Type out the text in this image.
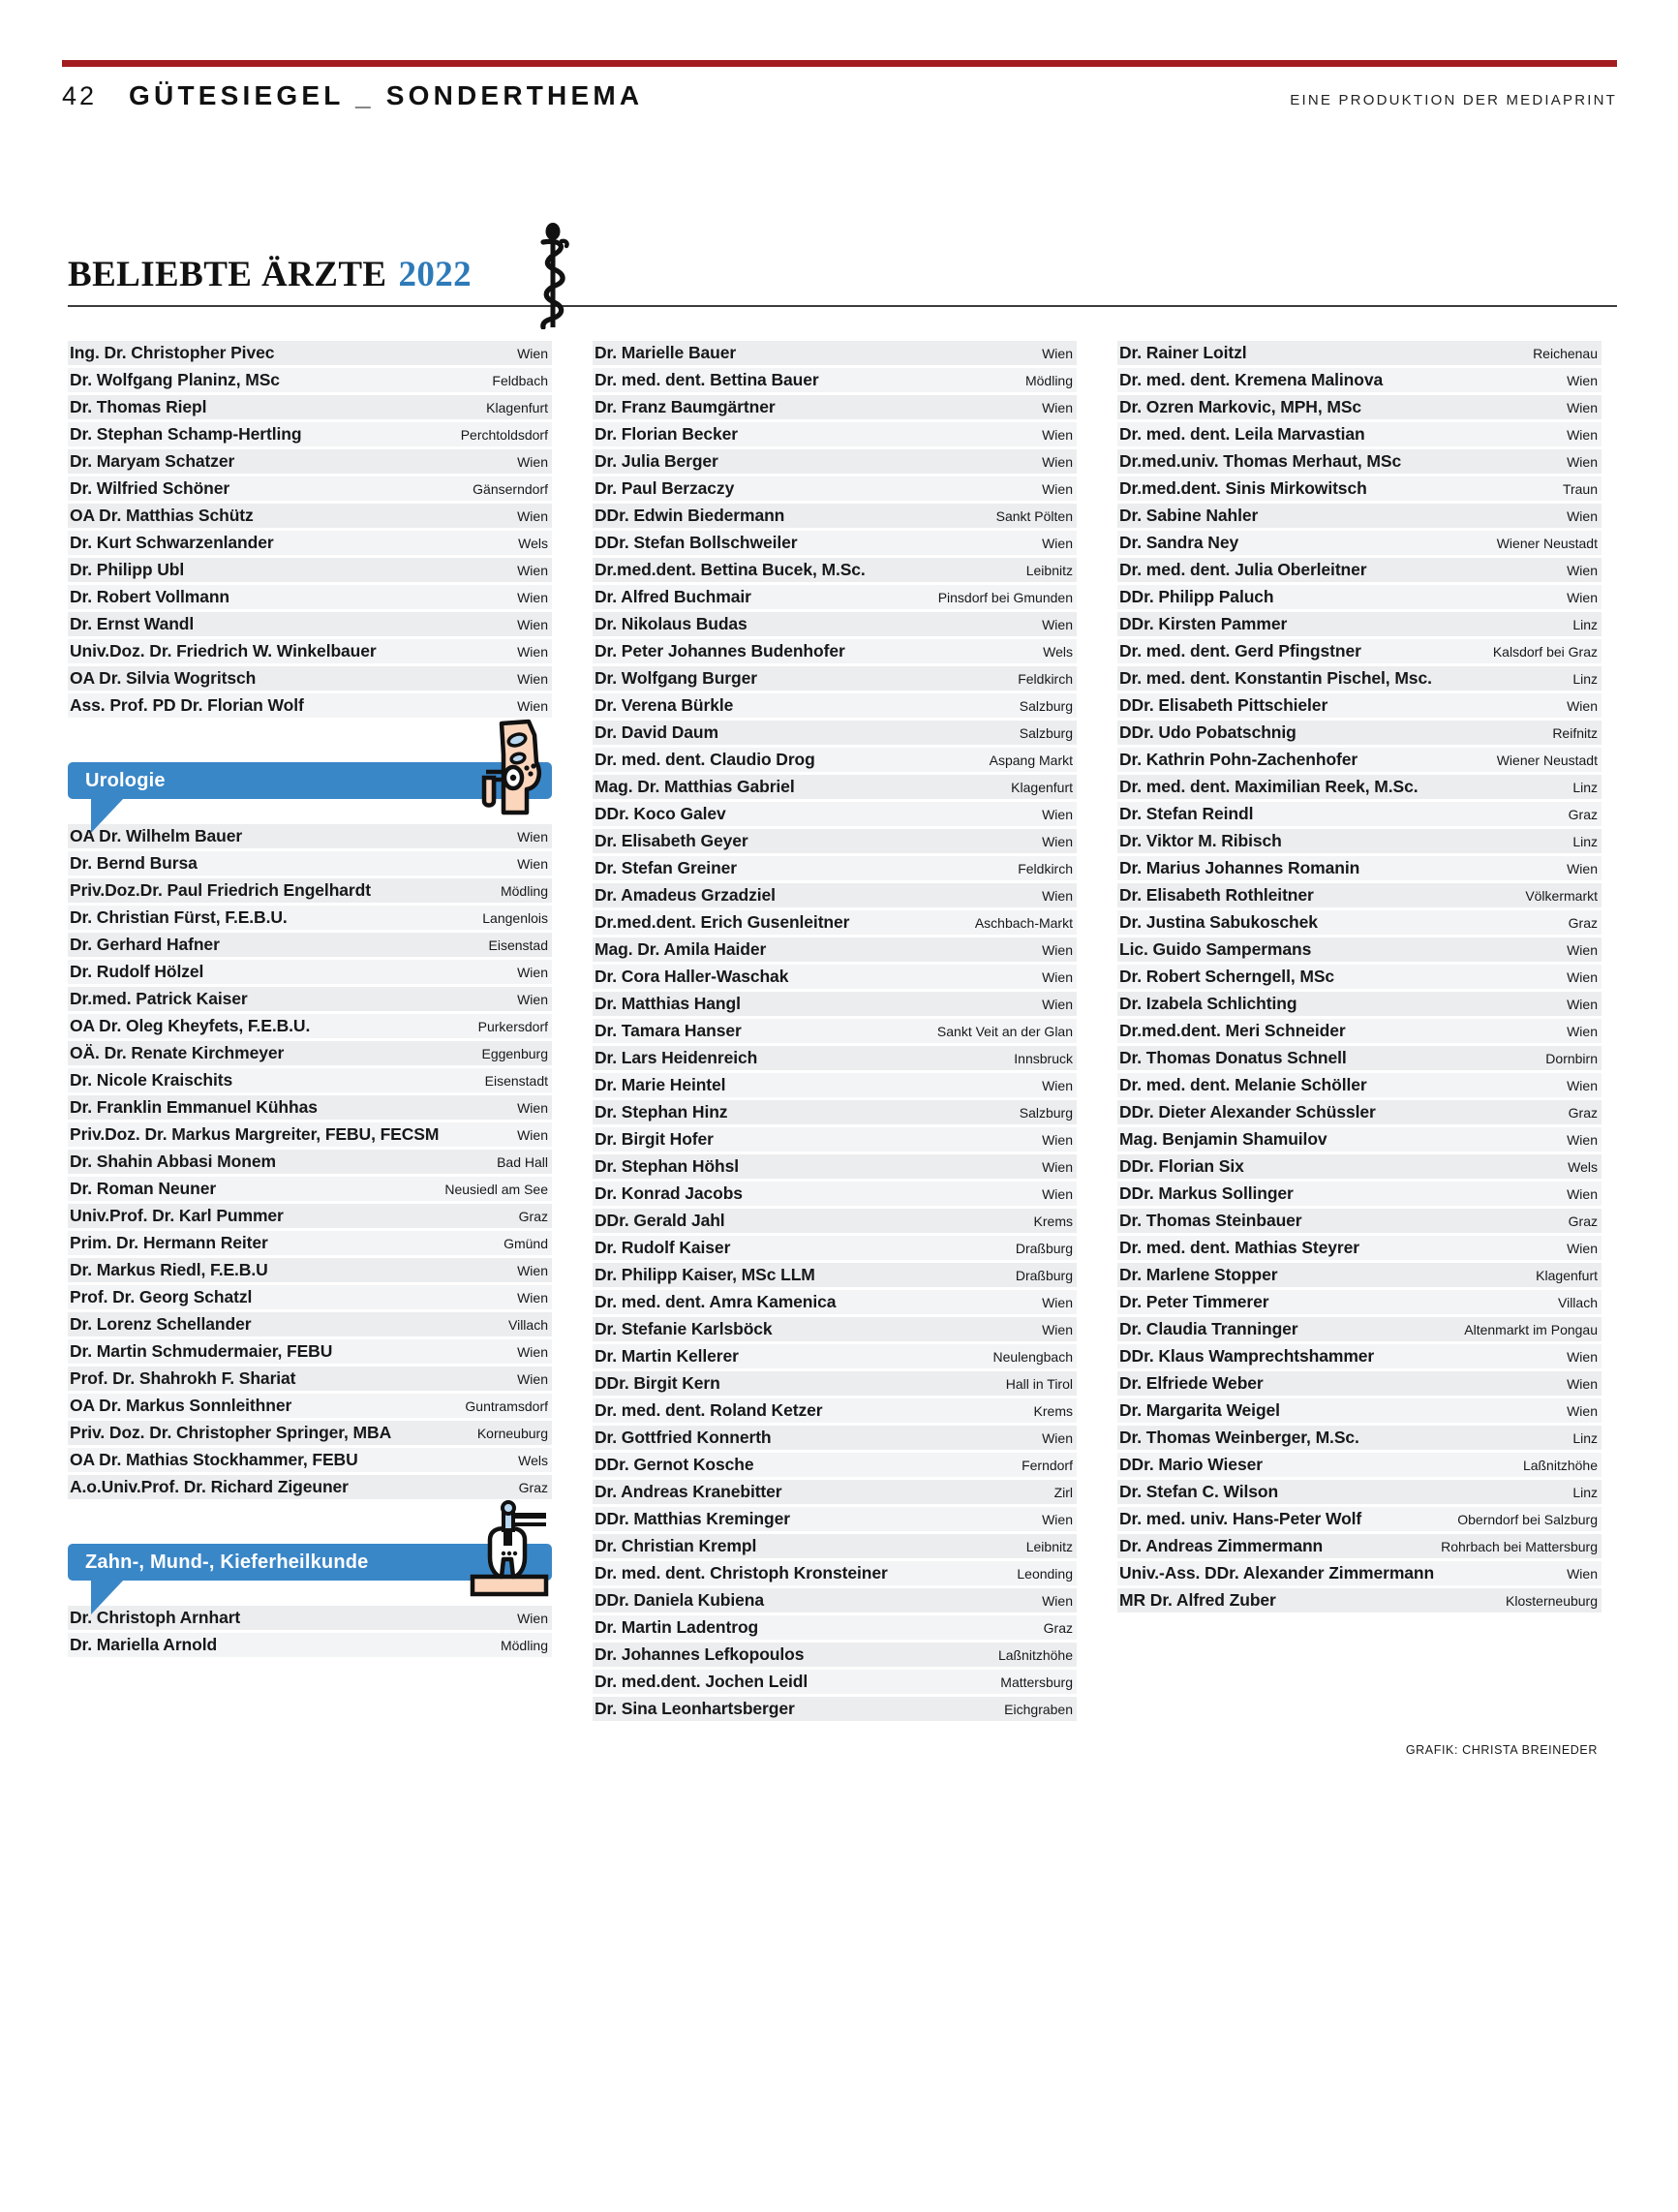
42 GÜTESIEGEL _ SONDERTHEMA	EINE PRODUKTION DER MEDIAPRINT
BELIEBTE ÄRZTE 2022
Ing. Dr. Christopher Pivec	Wien
Dr. Wolfgang Planinz, MSc	Feldbach
Dr. Thomas Riepl	Klagenfurt
Dr. Stephan Schamp-Hertling	Perchtoldsdorf
Dr. Maryam Schatzer	Wien
Dr. Wilfried Schöner	Gänserndorf
OA Dr. Matthias Schütz	Wien
Dr. Kurt Schwarzenlander	Wels
Dr. Philipp Ubl	Wien
Dr. Robert Vollmann	Wien
Dr. Ernst Wandl	Wien
Univ.Doz. Dr. Friedrich W. Winkelbauer	Wien
OA Dr. Silvia Wogritsch	Wien
Ass. Prof. PD Dr. Florian Wolf	Wien
Urologie
OA Dr. Wilhelm Bauer	Wien
Dr. Bernd Bursa	Wien
Priv.Doz.Dr. Paul Friedrich Engelhardt	Mödling
Dr. Christian Fürst, F.E.B.U.	Langenlois
Dr. Gerhard Hafner	Eisenstad
Dr. Rudolf Hölzel	Wien
Dr.med. Patrick Kaiser	Wien
OA Dr. Oleg Kheyfets, F.E.B.U.	Purkersdorf
OÄ. Dr. Renate Kirchmeyer	Eggenburg
Dr. Nicole Kraischits	Eisenstadt
Dr. Franklin Emmanuel Kühhas	Wien
Priv.Doz. Dr. Markus Margreiter, FEBU, FECSM	Wien
Dr. Shahin Abbasi Monem	Bad Hall
Dr. Roman Neuner	Neusiedl am See
Univ.Prof. Dr. Karl Pummer	Graz
Prim. Dr. Hermann Reiter	Gmünd
Dr. Markus Riedl, F.E.B.U	Wien
Prof. Dr. Georg Schatzl	Wien
Dr. Lorenz Schellander	Villach
Dr. Martin Schmudermaier, FEBU	Wien
Prof. Dr. Shahrokh F. Shariat	Wien
OA Dr. Markus Sonnleithner	Guntramsdorf
Priv. Doz. Dr. Christopher Springer, MBA	Korneuburg
OA Dr. Mathias Stockhammer, FEBU	Wels
A.o.Univ.Prof. Dr. Richard Zigeuner	Graz
Zahn-, Mund-, Kieferheilkunde
Dr. Christoph Arnhart	Wien
Dr. Mariella Arnold	Mödling
Dr. Marielle Bauer	Wien
Dr. med. dent. Bettina Bauer	Mödling
Dr. Franz Baumgärtner	Wien
Dr. Florian Becker	Wien
Dr. Julia Berger	Wien
Dr. Paul Berzaczy	Wien
DDr. Edwin Biedermann	Sankt Pölten
DDr. Stefan Bollschweiler	Wien
Dr.med.dent. Bettina Bucek, M.Sc.	Leibnitz
Dr. Alfred Buchmair	Pinsdorf bei Gmunden
Dr. Nikolaus Budas	Wien
Dr. Peter Johannes Budenhofer	Wels
Dr. Wolfgang Burger	Feldkirch
Dr. Verena Bürkle	Salzburg
Dr. David Daum	Salzburg
Dr. med. dent. Claudio Drog	Aspang Markt
Mag. Dr. Matthias Gabriel	Klagenfurt
DDr. Koco Galev	Wien
Dr. Elisabeth Geyer	Wien
Dr. Stefan Greiner	Feldkirch
Dr. Amadeus Grzadziel	Wien
Dr.med.dent. Erich Gusenleitner	Aschbach-Markt
Mag. Dr. Amila Haider	Wien
Dr. Cora Haller-Waschak	Wien
Dr. Matthias Hangl	Wien
Dr. Tamara Hanser	Sankt Veit an der Glan
Dr. Lars Heidenreich	Innsbruck
Dr. Marie Heintel	Wien
Dr. Stephan Hinz	Salzburg
Dr. Birgit Hofer	Wien
Dr. Stephan Höhsl	Wien
Dr. Konrad Jacobs	Wien
DDr. Gerald Jahl	Krems
Dr. Rudolf Kaiser	Draßburg
Dr. Philipp Kaiser, MSc LLM	Draßburg
Dr. med. dent. Amra Kamenica	Wien
Dr. Stefanie Karlsböck	Wien
Dr. Martin Kellerer	Neulengbach
DDr. Birgit Kern	Hall in Tirol
Dr. med. dent. Roland Ketzer	Krems
Dr. Gottfried Konnerth	Wien
DDr. Gernot Kosche	Ferndorf
Dr. Andreas Kranebitter	Zirl
DDr. Matthias Kreminger	Wien
Dr. Christian Krempl	Leibnitz
Dr. med. dent. Christoph Kronsteiner	Leonding
DDr. Daniela Kubiena	Wien
Dr. Martin Ladentrog	Graz
Dr. Johannes Lefkopoulos	Laßnitzhöhe
Dr. med.dent. Jochen Leidl	Mattersburg
Dr. Sina Leonhartsberger	Eichgraben
Dr. Rainer Loitzl	Reichenau
Dr. med. dent. Kremena Malinova	Wien
Dr. Ozren Markovic, MPH, MSc	Wien
Dr. med. dent. Leila Marvastian	Wien
Dr.med.univ. Thomas Merhaut, MSc	Wien
Dr.med.dent. Sinis Mirkowitsch	Traun
Dr. Sabine Nahler	Wien
Dr. Sandra Ney	Wiener Neustadt
Dr. med. dent. Julia Oberleitner	Wien
DDr. Philipp Paluch	Wien
DDr. Kirsten Pammer	Linz
Dr. med. dent. Gerd Pfingstner	Kalsdorf bei Graz
Dr. med. dent. Konstantin Pischel, Msc.	Linz
DDr. Elisabeth Pittschieler	Wien
DDr. Udo Pobatschnig	Reifnitz
Dr. Kathrin Pohn-Zachenhofer	Wiener Neustadt
Dr. med. dent. Maximilian Reek, M.Sc.	Linz
Dr. Stefan Reindl	Graz
Dr. Viktor M. Ribisch	Linz
Dr. Marius Johannes Romanin	Wien
Dr. Elisabeth Rothleitner	Völkermarkt
Dr. Justina Sabukoschek	Graz
Lic. Guido Sampermans	Wien
Dr. Robert Scherngell, MSc	Wien
Dr. Izabela Schlichting	Wien
Dr.med.dent. Meri Schneider	Wien
Dr. Thomas Donatus Schnell	Dornbirn
Dr. med. dent. Melanie Schöller	Wien
DDr. Dieter Alexander Schüssler	Graz
Mag. Benjamin Shamuilov	Wien
DDr. Florian Six	Wels
DDr. Markus Sollinger	Wien
Dr. Thomas Steinbauer	Graz
Dr. med. dent. Mathias Steyrer	Wien
Dr. Marlene Stopper	Klagenfurt
Dr. Peter Timmerer	Villach
Dr. Claudia Tranninger	Altenmarkt im Pongau
DDr. Klaus Wamprechtshammer	Wien
Dr. Elfriede Weber	Wien
Dr. Margarita Weigel	Wien
Dr. Thomas Weinberger, M.Sc.	Linz
DDr. Mario Wieser	Laßnitzhöhe
Dr. Stefan C. Wilson	Linz
Dr. med. univ. Hans-Peter Wolf	Oberndorf bei Salzburg
Dr. Andreas Zimmermann	Rohrbach bei Mattersburg
Univ.-Ass. DDr. Alexander Zimmermann	Wien
MR Dr. Alfred Zuber	Klosterneuburg
GRAFIK: CHRISTA BREINEDER
